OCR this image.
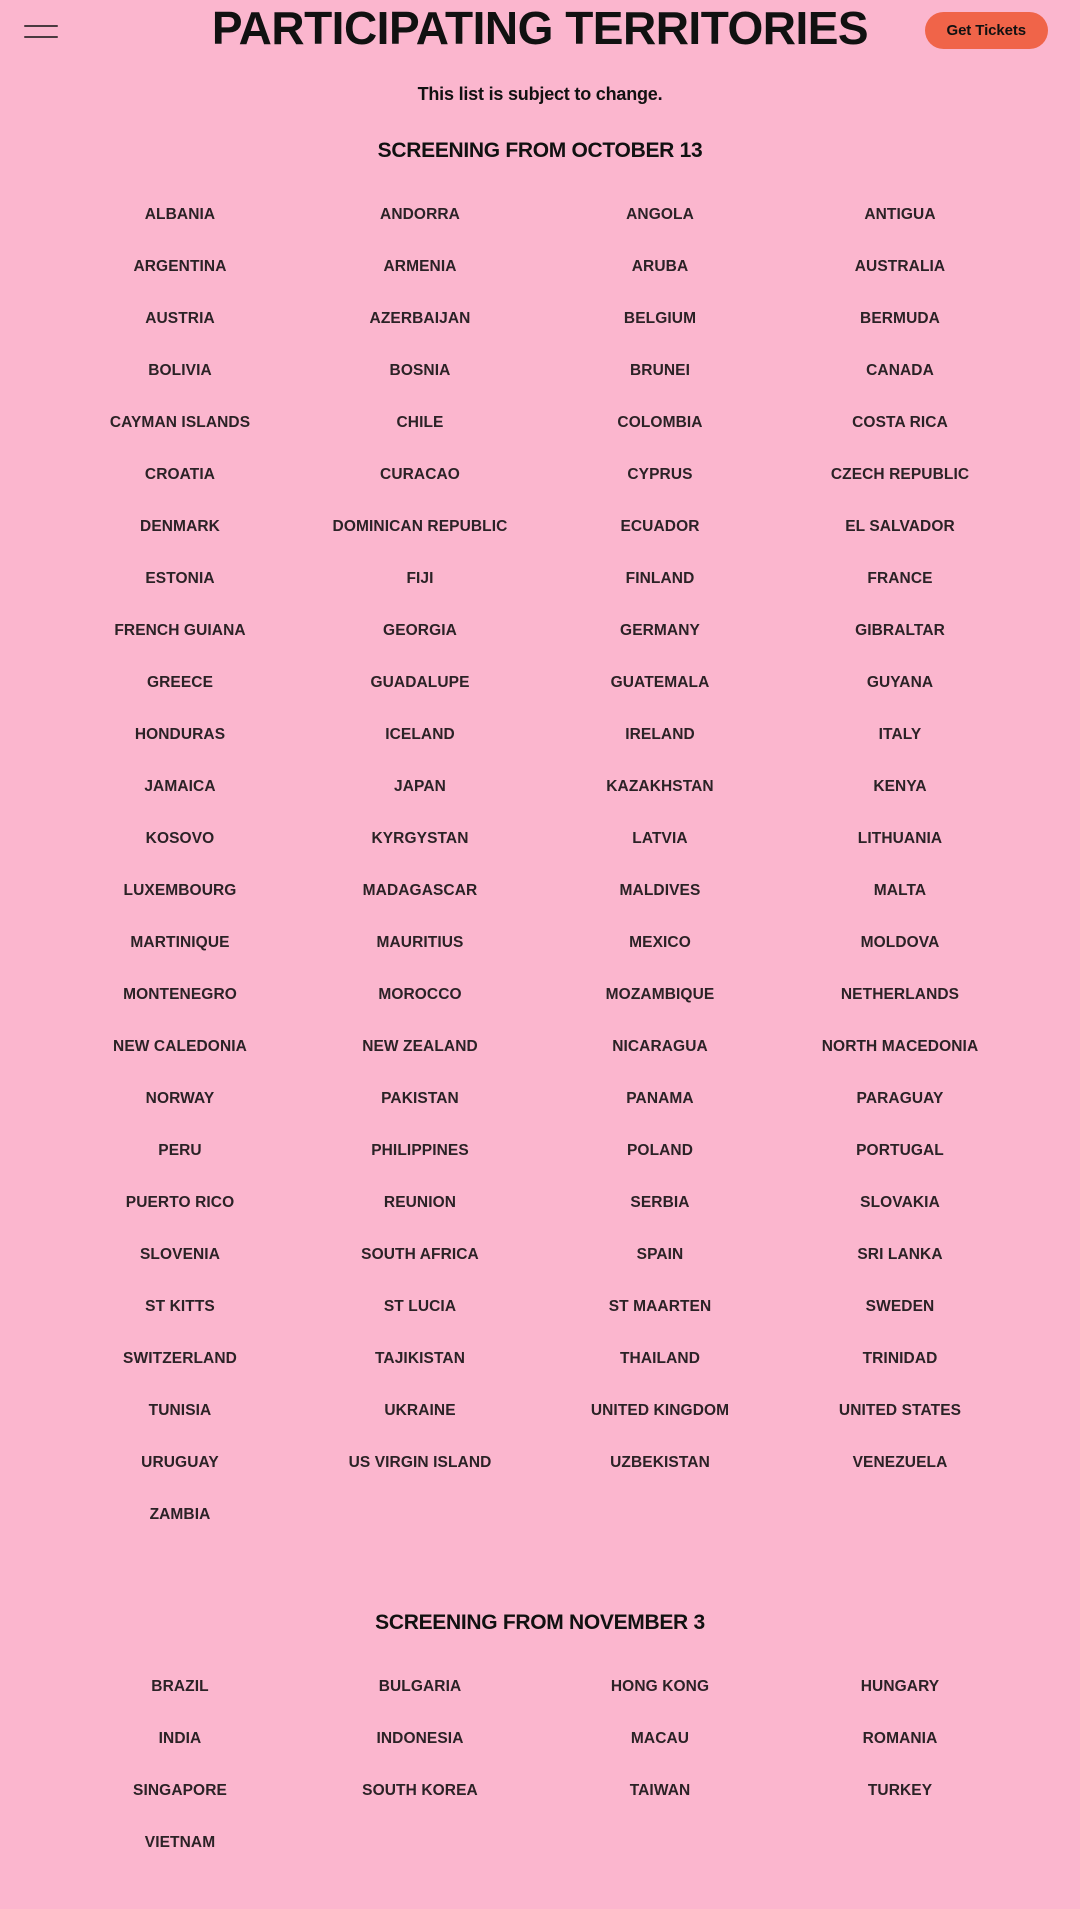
PARTICIPATING TERRITORIES	Get Tickets
This list is subject to change.
SCREENING FROM OCTOBER 13
ALBANIA	ANDORRA	ANGOLA	ANTIGUA
ARGENTINA	ARMENIA	ARUBA	AUSTRALIA
AUSTRIA	AZERBAIJAN	BELGIUM	BERMUDA
BOLIVIA	BOSNIA	BRUNEI	CANADA
CAYMAN ISLANDS	CHILE	COLOMBIA	COSTA RICA
CROATIA	CURACAO	CYPRUS	CZECH REPUBLIC
DENMARK	DOMINICAN REPUBLIC	ECUADOR	EL SALVADOR
ESTONIA	FIJI	FINLAND	FRANCE
FRENCH GUIANA	GEORGIA	GERMANY	GIBRALTAR
GREECE	GUADALUPE	GUATEMALA	GUYANA
HONDURAS	ICELAND	IRELAND	ITALY
JAMAICA	JAPAN	KAZAKHSTAN	KENYA
KOSOVO	KYRGYSTAN	LATVIA	LITHUANIA
LUXEMBOURG	MADAGASCAR	MALDIVES	MALTA
MARTINIQUE	MAURITIUS	MEXICO	MOLDOVA
MONTENEGRO	MOROCCO	MOZAMBIQUE	NETHERLANDS
NEW CALEDONIA	NEW ZEALAND	NICARAGUA	NORTH MACEDONIA
NORWAY	PAKISTAN	PANAMA	PARAGUAY
PERU	PHILIPPINES	POLAND	PORTUGAL
PUERTO RICO	REUNION	SERBIA	SLOVAKIA
SLOVENIA	SOUTH AFRICA	SPAIN	SRI LANKA
ST KITTS	ST LUCIA	ST MAARTEN	SWEDEN
SWITZERLAND	TAJIKISTAN	THAILAND	TRINIDAD
TUNISIA	UKRAINE	UNITED KINGDOM	UNITED STATES
URUGUAY	US VIRGIN ISLAND	UZBEKISTAN	VENEZUELA
ZAMBIA
SCREENING FROM NOVEMBER 3
BRAZIL	BULGARIA	HONG KONG	HUNGARY
INDIA	INDONESIA	MACAU	ROMANIA
SINGAPORE	SOUTH KOREA	TAIWAN	TURKEY
VIETNAM
